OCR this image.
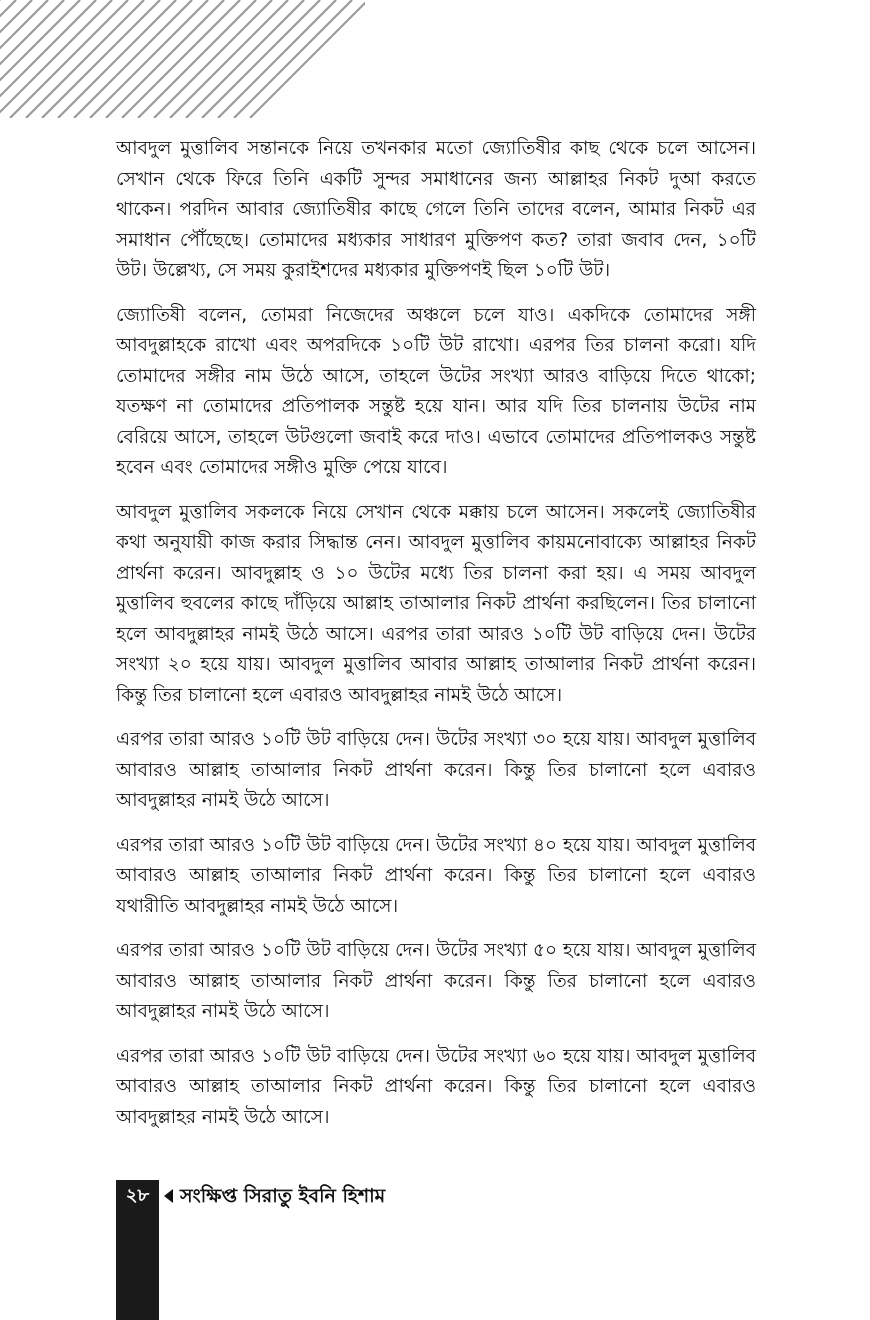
আবদুল মুত্তালিব সন্তানকে নিয়ে তখনকার মতো জ্যোতিষীর কাছ থেকে চলে আসেন। সেখান থেকে ফিরে তিনি একটি সুন্দর সমাধানের জন্য আল্লাহর নিকট দুআ করতে থাকেন। পরদিন আবার জ্যোতিষীর কাছে গেলে তিনি তাদের বলেন, আমার নিকট এর সমাধান পৌঁছেছে। তোমাদের মধ্যকার সাধারণ মুক্তিপণ কত? তারা জবাব দেন, ১০টি উট। উল্লেখ্য, সে সময় কুরাইশদের মধ্যকার মুক্তিপণই ছিল ১০টি উট।

জ্যোতিষী বলেন, তোমরা নিজেদের অঞ্চলে চলে যাও। একদিকে তোমাদের সঙ্গী আবদুল্লাহকে রাখো এবং অপরদিকে ১০টি উট রাখো। এরপর তির চালনা করো। যদি তোমাদের সঙ্গীর নাম উঠে আসে, তাহলে উটের সংখ্যা আরও বাড়িয়ে দিতে থাকো; যতক্ষণ না তোমাদের প্রতিপালক সন্তুষ্ট হয়ে যান। আর যদি তির চালনায় উটের নাম বেরিয়ে আসে, তাহলে উটগুলো জবাই করে দাও। এভাবে তোমাদের প্রতিপালকও সন্তুষ্ট হবেন এবং তোমাদের সঙ্গীও মুক্তি পেয়ে যাবে।

আবদুল মুত্তালিব সকলকে নিয়ে সেখান থেকে মক্কায় চলে আসেন। সকলেই জ্যোতিষীর কথা অনুযায়ী কাজ করার সিদ্ধান্ত নেন। আবদুল মুত্তালিব কায়মনোবাক্যে আল্লাহর নিকট প্রার্থনা করেন। আবদুল্লাহ ও ১০ উটের মধ্যে তির চালনা করা হয়। এ সময় আবদুল মুত্তালিব হুবলের কাছে দাঁড়িয়ে আল্লাহ তাআলার নিকট প্রার্থনা করছিলেন। তির চালানো হলে আবদুল্লাহর নামই উঠে আসে। এরপর তারা আরও ১০টি উট বাড়িয়ে দেন। উটের সংখ্যা ২০ হয়ে যায়। আবদুল মুত্তালিব আবার আল্লাহ তাআলার নিকট প্রার্থনা করেন। কিন্তু তির চালানো হলে এবারও আবদুল্লাহর নামই উঠে আসে।

এরপর তারা আরও ১০টি উট বাড়িয়ে দেন। উটের সংখ্যা ৩০ হয়ে যায়। আবদুল মুত্তালিব আবারও আল্লাহ তাআলার নিকট প্রার্থনা করেন। কিন্তু তির চালানো হলে এবারও আবদুল্লাহর নামই উঠে আসে।

এরপর তারা আরও ১০টি উট বাড়িয়ে দেন। উটের সংখ্যা ৪০ হয়ে যায়। আবদুল মুত্তালিব আবারও আল্লাহ তাআলার নিকট প্রার্থনা করেন। কিন্তু তির চালানো হলে এবারও যথারীতি আবদুল্লাহর নামই উঠে আসে।

এরপর তারা আরও ১০টি উট বাড়িয়ে দেন। উটের সংখ্যা ৫০ হয়ে যায়। আবদুল মুত্তালিব আবারও আল্লাহ তাআলার নিকট প্রার্থনা করেন। কিন্তু তির চালানো হলে এবারও আবদুল্লাহর নামই উঠে আসে।

এরপর তারা আরও ১০টি উট বাড়িয়ে দেন। উটের সংখ্যা ৬০ হয়ে যায়। আবদুল মুত্তালিব আবারও আল্লাহ তাআলার নিকট প্রার্থনা করেন। কিন্তু তির চালানো হলে এবারও আবদুল্লাহর নামই উঠে আসে।

২৮	সংক্ষিপ্ত সিরাতু ইবনি হিশাম
